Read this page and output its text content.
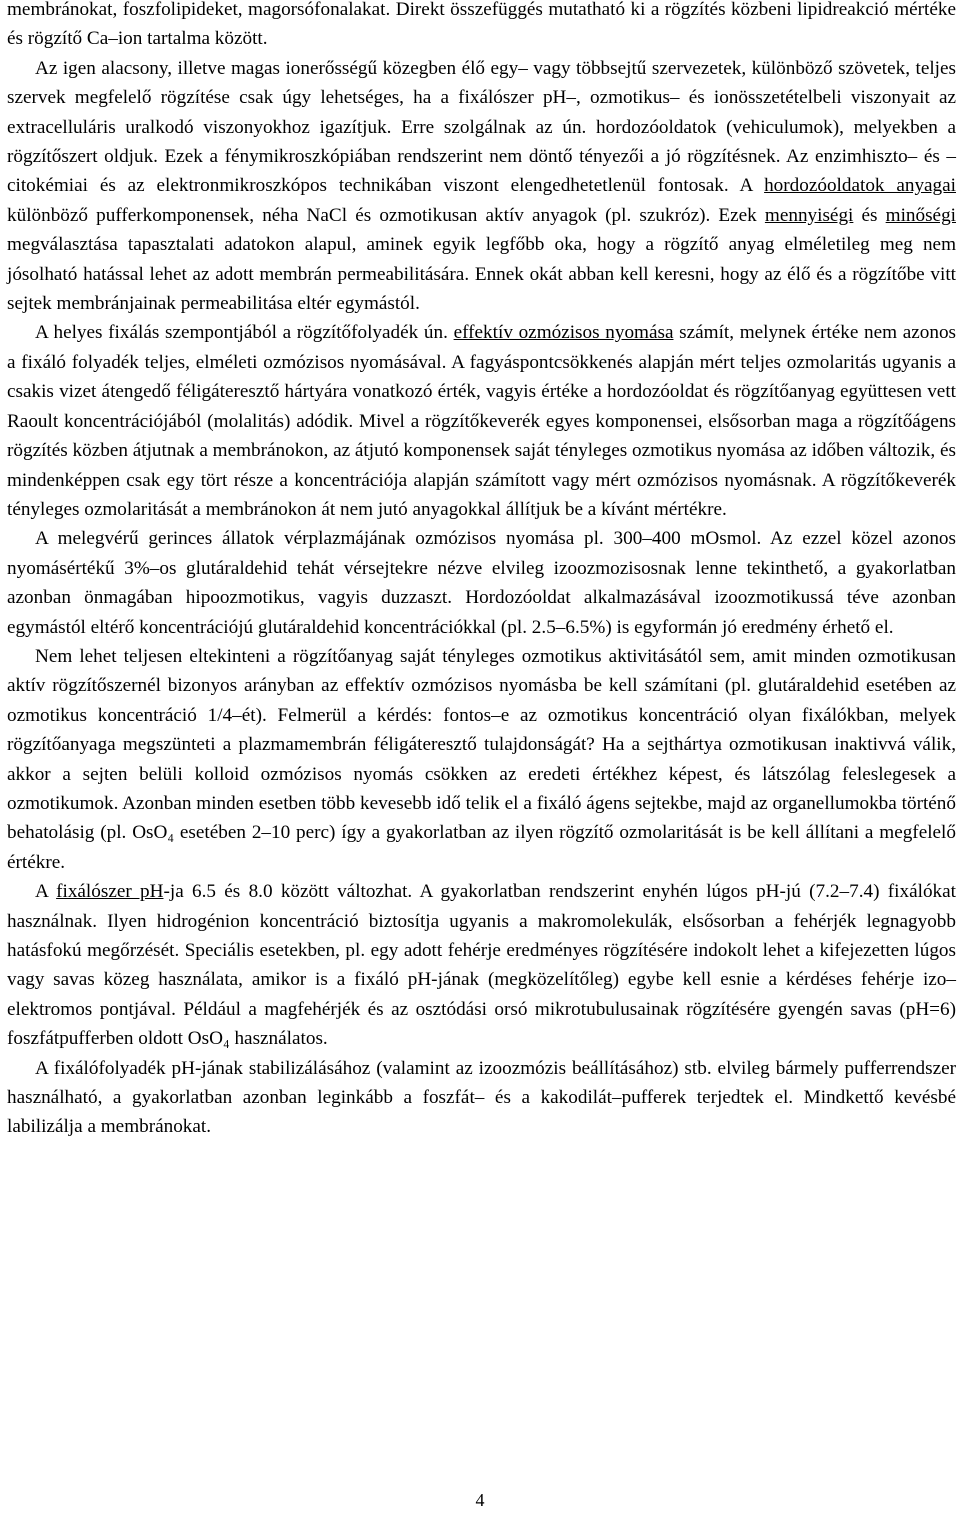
membránokat, foszfolipideket, magorsófonalakat. Direkt összefüggés mutatható ki a rögzítés közbeni lipidreakció mértéke és rögzítő Ca–ion tartalma között.

Az igen alacsony, illetve magas ionerősségű közegben élő egy– vagy többsejtű szervezetek, különböző szövetek, teljes szervek megfelelő rögzítése csak úgy lehetséges, ha a fixálószer pH–, ozmotikus– és ionösszetételbeli viszonyait az extracelluláris uralkodó viszonyokhoz igazítjuk. Erre szolgálnak az ún. hordozóoldatok (vehiculumok), melyekben a rögzítőszert oldjuk. Ezek a fénymikroszkópiában rendszerint nem döntő tényezői a jó rögzítésnek. Az enzimhiszto– és –citokémiai és az elektronmikroszkópos technikában viszont elengedhetetlenül fontosak. A hordozóoldatok anyagai különböző pufferkomponensek, néha NaCl és ozmotikusan aktív anyagok (pl. szukróz). Ezek mennyiségi és minőségi megválasztása tapasztalati adatokon alapul, aminek egyik legfőbb oka, hogy a rögzítő anyag elméletileg meg nem jósolható hatással lehet az adott membrán permeabilitására. Ennek okát abban kell keresni, hogy az élő és a rögzítőbe vitt sejtek membránjainak permeabilitása eltér egymástól.

A helyes fixálás szempontjából a rögzítőfolyadék ún. effektív ozmózisos nyomása számít, melynek értéke nem azonos a fixáló folyadék teljes, elméleti ozmózisos nyomásával. A fagyáspontcsökkenés alapján mért teljes ozmolaritás ugyanis a csakis vizet átengedő féligáteresztő hártyára vonatkozó érték, vagyis értéke a hordozóoldat és rögzítőanyag együttesen vett Raoult koncentrációjából (molalitás) adódik. Mivel a rögzítőkeverék egyes komponensei, elsősorban maga a rögzítőágens rögzítés közben átjutnak a membránokon, az átjutó komponensek saját tényleges ozmotikus nyomása az időben változik, és mindenképpen csak egy tört része a koncentrációja alapján számított vagy mért ozmózisos nyomásnak. A rögzítőkeverék tényleges ozmolaritását a membránokon át nem jutó anyagokkal állítjuk be a kívánt mértékre.

A melegvérű gerinces állatok vérplazmájának ozmózisos nyomása pl. 300–400 mOsmol. Az ezzel közel azonos nyomásértékű 3%–os glutáraldehid tehát vérsejtekre nézve elvileg izoozmozisosnak lenne tekinthető, a gyakorlatban azonban önmagában hipoozmotikus, vagyis duzzaszt. Hordozóoldat alkalmazásával izoozmotikussá téve azonban egymástól eltérő koncentrációjú glutáraldehid koncentrációkkal (pl. 2.5–6.5%) is egyformán jó eredmény érhető el.

Nem lehet teljesen eltekinteni a rögzítőanyag saját tényleges ozmotikus aktivitásától sem, amit minden ozmotikusan aktív rögzítőszernél bizonyos arányban az effektív ozmózisos nyomásba be kell számítani (pl. glutáraldehid esetében az ozmotikus koncentráció 1/4–ét). Felmerül a kérdés: fontos–e az ozmotikus koncentráció olyan fixálókban, melyek rögzítőanyaga megszünteti a plazmamembrán féligáteresztő tulajdonságát? Ha a sejthártya ozmotikusan inaktivvá válik, akkor a sejten belüli kolloid ozmózisos nyomás csökken az eredeti értékhez képest, és látszólag feleslegesek a ozmotikumok. Azonban minden esetben több kevesebb idő telik el a fixáló ágens sejtekbe, majd az organellumokba történő behatolásig (pl. OsO₄ esetében 2–10 perc) így a gyakorlatban az ilyen rögzítő ozmolaritását is be kell állítani a megfelelő értékre.

A fixálószer pH-ja 6.5 és 8.0 között változhat. A gyakorlatban rendszerint enyhén lúgos pH-jú (7.2–7.4) fixálókat használnak. Ilyen hidrogénion koncentráció biztosítja ugyanis a makromolekulák, elsősorban a fehérjék legnagyobb hatásfokú megőrzését. Speciális esetekben, pl. egy adott fehérje eredményes rögzítésére indokolt lehet a kifejezetten lúgos vagy savas közeg használata, amikor is a fixáló pH-jának (megközelítőleg) egybe kell esnie a kérdéses fehérje izo–elektromos pontjával. Például a magfehérjék és az osztódási orsó mikrotubulusainak rögzítésére gyengén savas (pH=6) foszfátpufferben oldott OsO₄ használatos.

A fixálófolyadék pH-jának stabilizálásához (valamint az izoozmózis beállításához) stb. elvileg bármely pufferrendszer használható, a gyakorlatban azonban leginkább a foszfát– és a kakodilát–pufferek terjedtek el. Mindkettő kevésbé labilizálja a membránokat.

4
